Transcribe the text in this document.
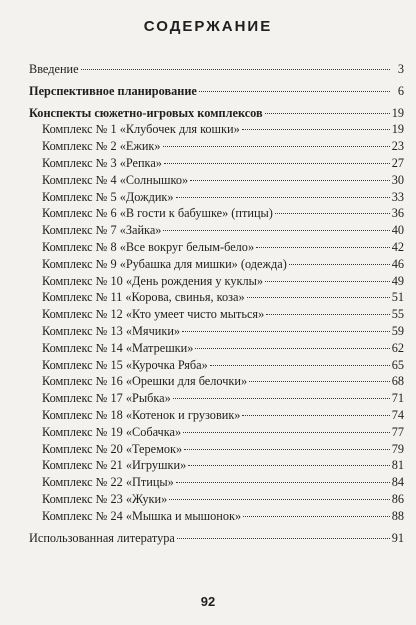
СОДЕРЖАНИЕ
Введение	3
Перспективное планирование	6
Конспекты сюжетно-игровых комплексов	19
Комплекс № 1 «Клубочек для кошки»	19
Комплекс № 2 «Ежик»	23
Комплекс № 3 «Репка»	27
Комплекс № 4 «Солнышко»	30
Комплекс № 5 «Дождик»	33
Комплекс № 6 «В гости к бабушке» (птицы)	36
Комплекс № 7 «Зайка»	40
Комплекс № 8 «Все вокруг белым-бело»	42
Комплекс № 9 «Рубашка для мишки» (одежда)	46
Комплекс № 10 «День рождения у куклы»	49
Комплекс № 11 «Корова, свинья, коза»	51
Комплекс № 12 «Кто умеет чисто мыться»	55
Комплекс № 13 «Мячики»	59
Комплекс № 14 «Матрешки»	62
Комплекс № 15 «Курочка Ряба»	65
Комплекс № 16 «Орешки для белочки»	68
Комплекс № 17 «Рыбка»	71
Комплекс № 18 «Котенок и грузовик»	74
Комплекс № 19 «Собачка»	77
Комплекс № 20 «Теремок»	79
Комплекс № 21 «Игрушки»	81
Комплекс № 22 «Птицы»	84
Комплекс № 23 «Жуки»	86
Комплекс № 24 «Мышка и мышонок»	88
Использованная литература	91
92
